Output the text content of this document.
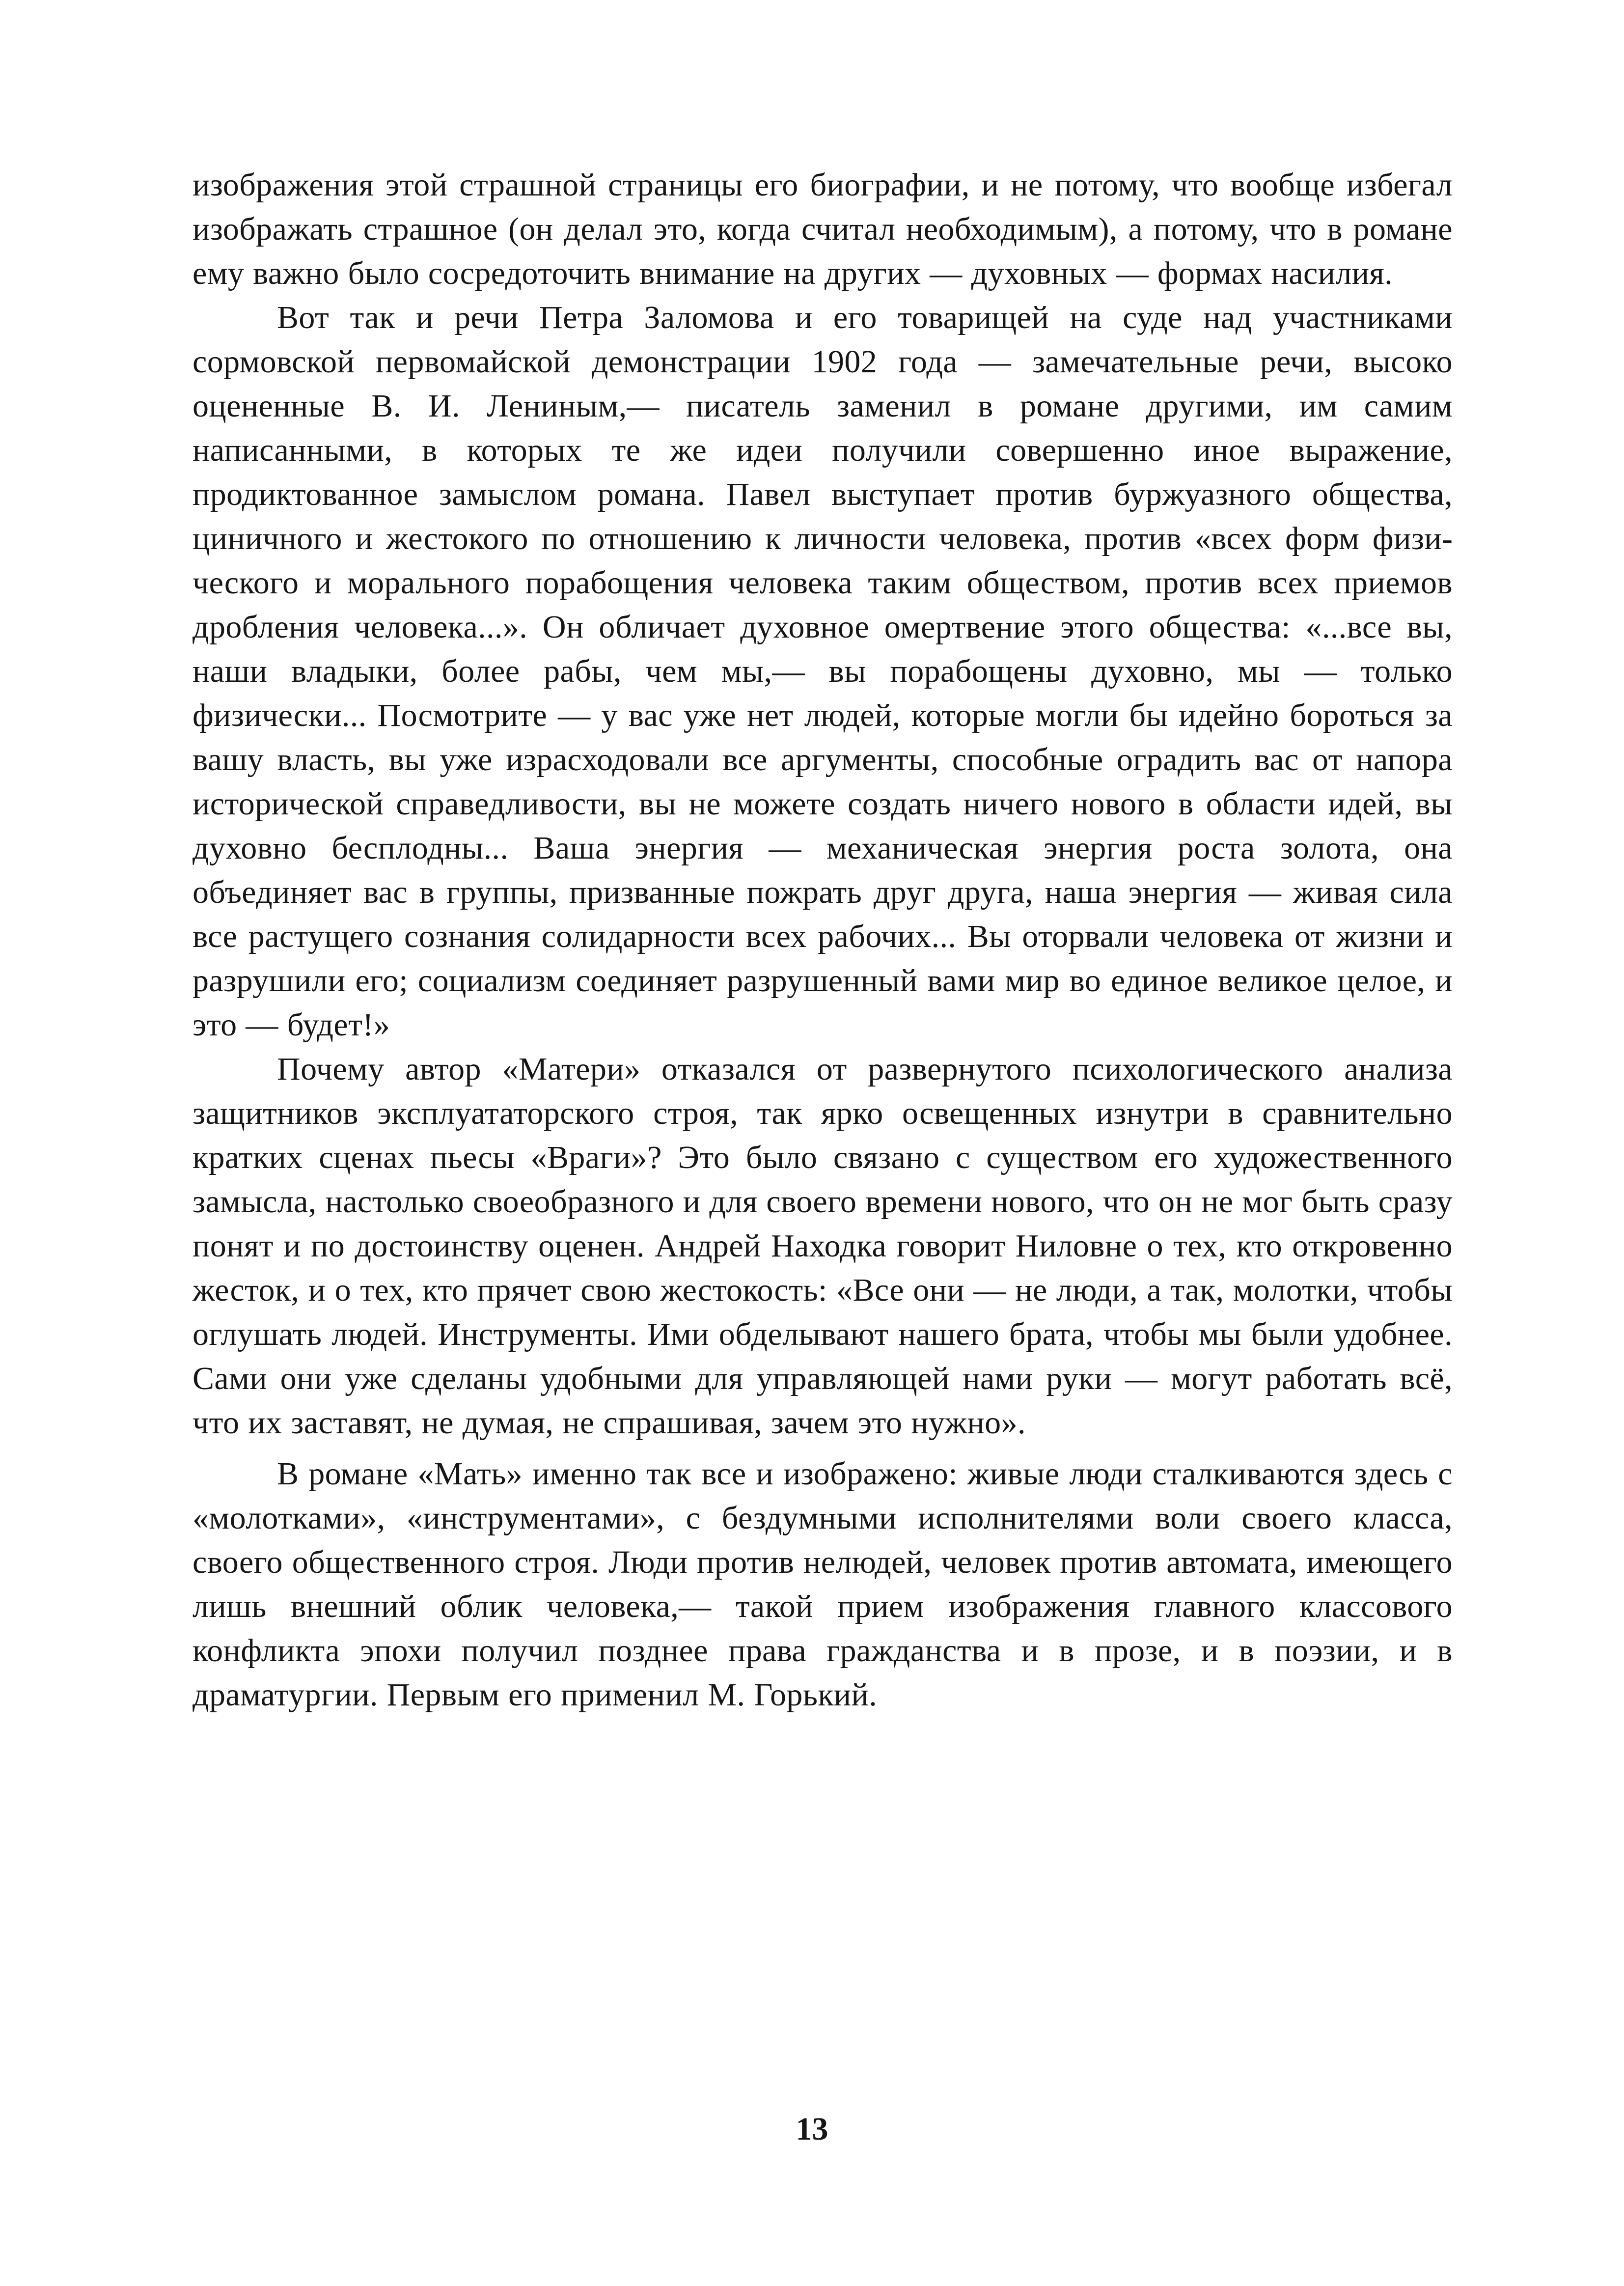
изображения этой страшной страницы его биографии, и не потому, что вообще избегал изображать страшное (он делал это, когда считал необходимым), а потому, что в романе ему важно было сосредоточить внимание на других — духовных — формах насилия.

Вот так и речи Петра Заломова и его товарищей на суде над участниками сормовской первомайской демонстрации 1902 года — замечательные речи, высоко оцененные В. И. Лениным,— писатель заменил в романе другими, им самим написанными, в которых те же идеи получили совершенно иное выражение, продиктованное замыслом романа. Павел выступает против буржуазного общества, циничного и жестокого по отношению к личности человека, против «всех форм физического и морального порабощения человека таким обществом, против всех приемов дробления человека...». Он обличает духовное омертвение этого общества: «...все вы, наши владыки, более рабы, чем мы,— вы порабощены духовно, мы — только физически... Посмотрите — у вас уже нет людей, которые могли бы идейно бороться за вашу власть, вы уже израсходовали все аргументы, способные оградить вас от напора исторической справедливости, вы не можете создать ничего нового в области идей, вы духовно бесплодны... Ваша энергия — механическая энергия роста золота, она объединяет вас в группы, призванные пожрать друг друга, наша энергия — живая сила все растущего сознания солидарности всех рабочих... Вы оторвали человека от жизни и разрушили его; социализм соединяет разрушенный вами мир во единое великое целое, и это — будет!»

Почему автор «Матери» отказался от развернутого психологического анализа защитников эксплуататорского строя, так ярко освещенных изнутри в сравнительно кратких сценах пьесы «Враги»? Это было связано с существом его художественного замысла, настолько своеобразного и для своего времени нового, что он не мог быть сразу понят и по достоинству оценен. Андрей Находка говорит Ниловне о тех, кто откровенно жесток, и о тех, кто прячет свою жестокость: «Все они — не люди, а так, молотки, чтобы оглушать людей. Инструменты. Ими обделывают нашего брата, чтобы мы были удобнее. Сами они уже сделаны удобными для управляющей нами руки — могут работать всё, что их заставят, не думая, не спрашивая, зачем это нужно».

В романе «Мать» именно так все и изображено: живые люди сталкиваются здесь с «молотками», «инструментами», с бездумными исполнителями воли своего класса, своего общественного строя. Люди против нелюдей, человек против автомата, имеющего лишь внешний облик человека,— такой прием изображения главного классового конфликта эпохи получил позднее права гражданства и в прозе, и в поэзии, и в драматургии. Первым его применил М. Горький.

13
